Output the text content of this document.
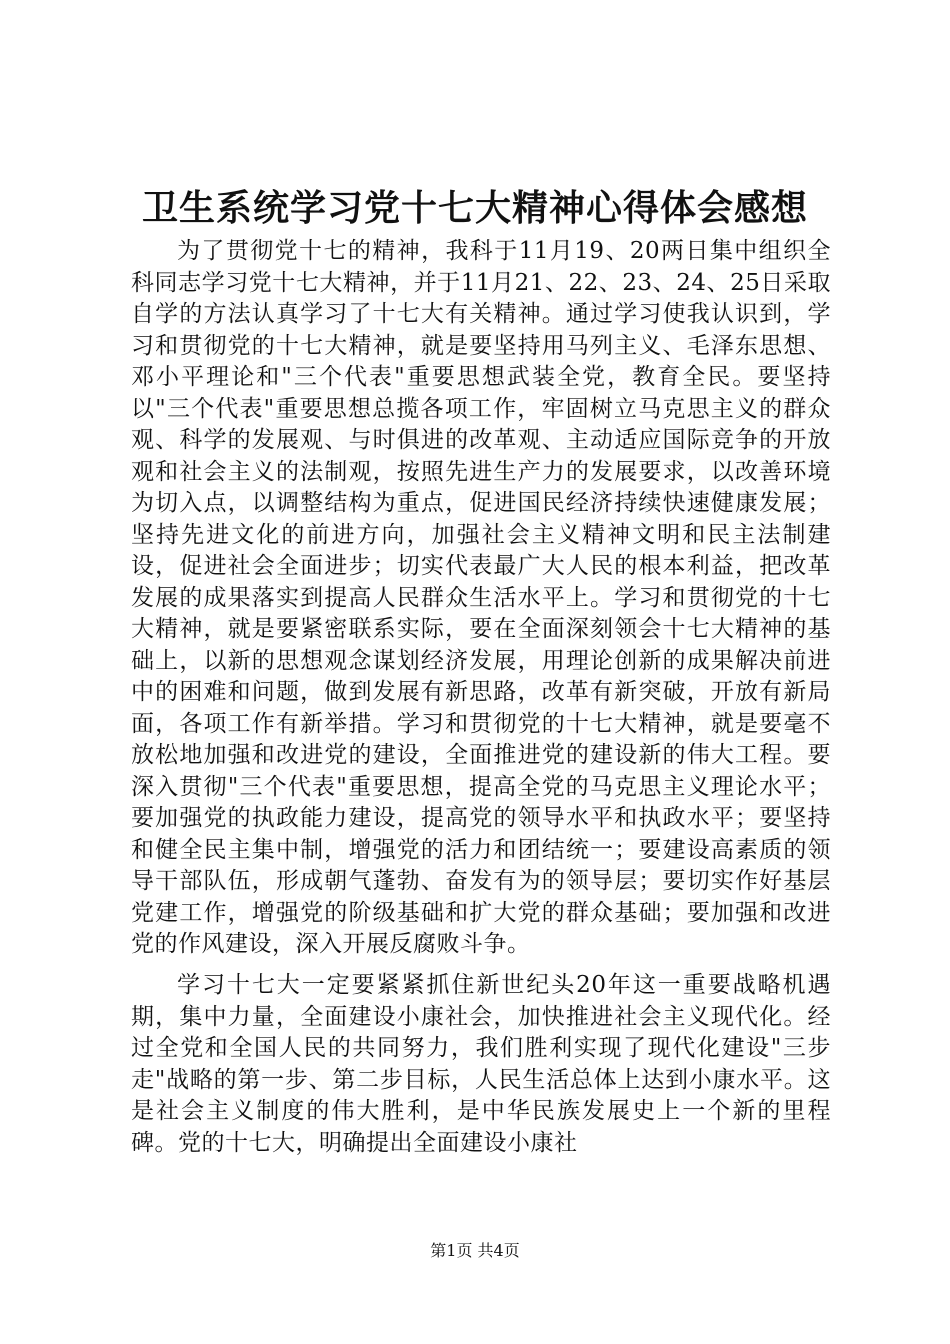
卫生系统学习党十七大精神心得体会感想

为了贯彻党十七的精神，我科于11月19、20两日集中组织全科同志学习党十七大精神，并于11月21、22、23、24、25日采取自学的方法认真学习了十七大有关精神。通过学习使我认识到，学习和贯彻党的十七大精神，就是要坚持用马列主义、毛泽东思想、邓小平理论和"三个代表"重要思想武装全党，教育全民。要坚持以"三个代表"重要思想总揽各项工作，牢固树立马克思主义的群众观、科学的发展观、与时俱进的改革观、主动适应国际竞争的开放观和社会主义的法制观，按照先进生产力的发展要求，以改善环境为切入点，以调整结构为重点，促进国民经济持续快速健康发展；坚持先进文化的前进方向，加强社会主义精神文明和民主法制建设，促进社会全面进步；切实代表最广大人民的根本利益，把改革发展的成果落实到提高人民群众生活水平上。学习和贯彻党的十七大精神，就是要紧密联系实际，要在全面深刻领会十七大精神的基础上，以新的思想观念谋划经济发展，用理论创新的成果解决前进中的困难和问题，做到发展有新思路，改革有新突破，开放有新局面，各项工作有新举措。学习和贯彻党的十七大精神，就是要毫不放松地加强和改进党的建设，全面推进党的建设新的伟大工程。要深入贯彻"三个代表"重要思想，提高全党的马克思主义理论水平；要加强党的执政能力建设，提高党的领导水平和执政水平；要坚持和健全民主集中制，增强党的活力和团结统一；要建设高素质的领导干部队伍，形成朝气蓬勃、奋发有为的领导层；要切实作好基层党建工作，增强党的阶级基础和扩大党的群众基础；要加强和改进党的作风建设，深入开展反腐败斗争。

学习十七大一定要紧紧抓住新世纪头20年这一重要战略机遇期，集中力量，全面建设小康社会，加快推进社会主义现代化。经过全党和全国人民的共同努力，我们胜利实现了现代化建设"三步走"战略的第一步、第二步目标，人民生活总体上达到小康水平。这是社会主义制度的伟大胜利，是中华民族发展史上一个新的里程碑。党的十七大，明确提出全面建设小康社

第1页 共4页
